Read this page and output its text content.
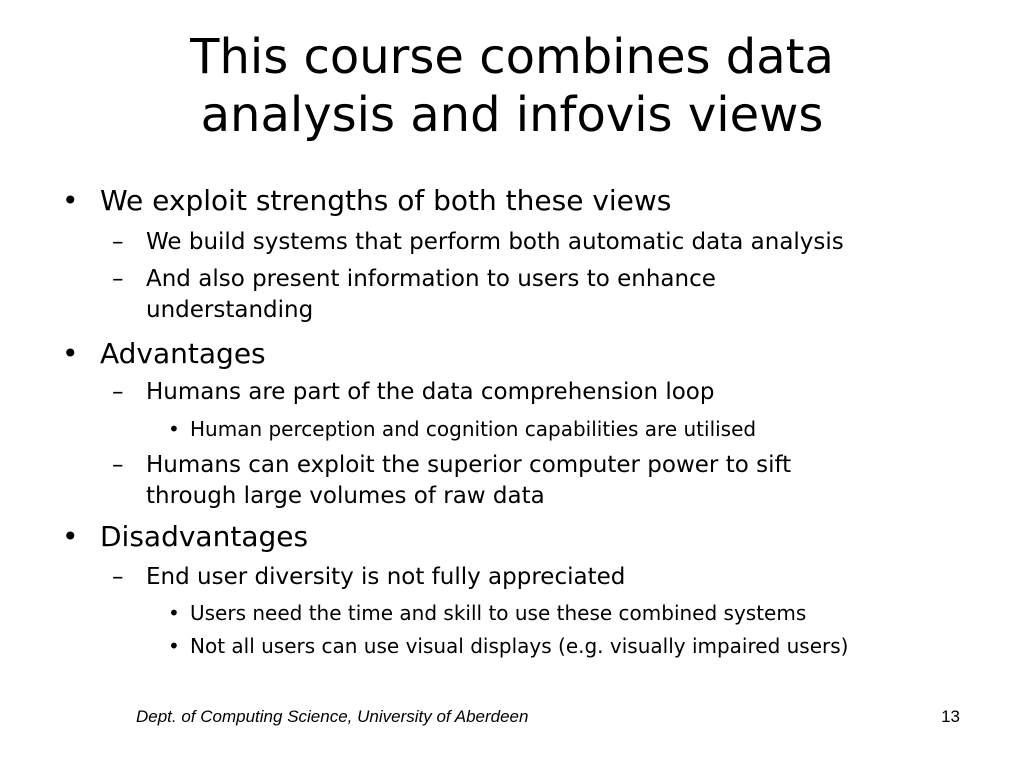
This course combines data
analysis and infovis views
• We exploit strengths of both these views
– We build systems that perform both automatic data analysis
– And also present information to users to enhance
understanding
• Advantages
– Humans are part of the data comprehension loop
• Human perception and cognition capabilities are utilised
– Humans can exploit the superior computer power to sift
through large volumes of raw data
• Disadvantages
– End user diversity is not fully appreciated
• Users need the time and skill to use these combined systems
• Not all users can use visual displays (e.g. visually impaired users)
Dept. of Computing Science, University of Aberdeen	13
